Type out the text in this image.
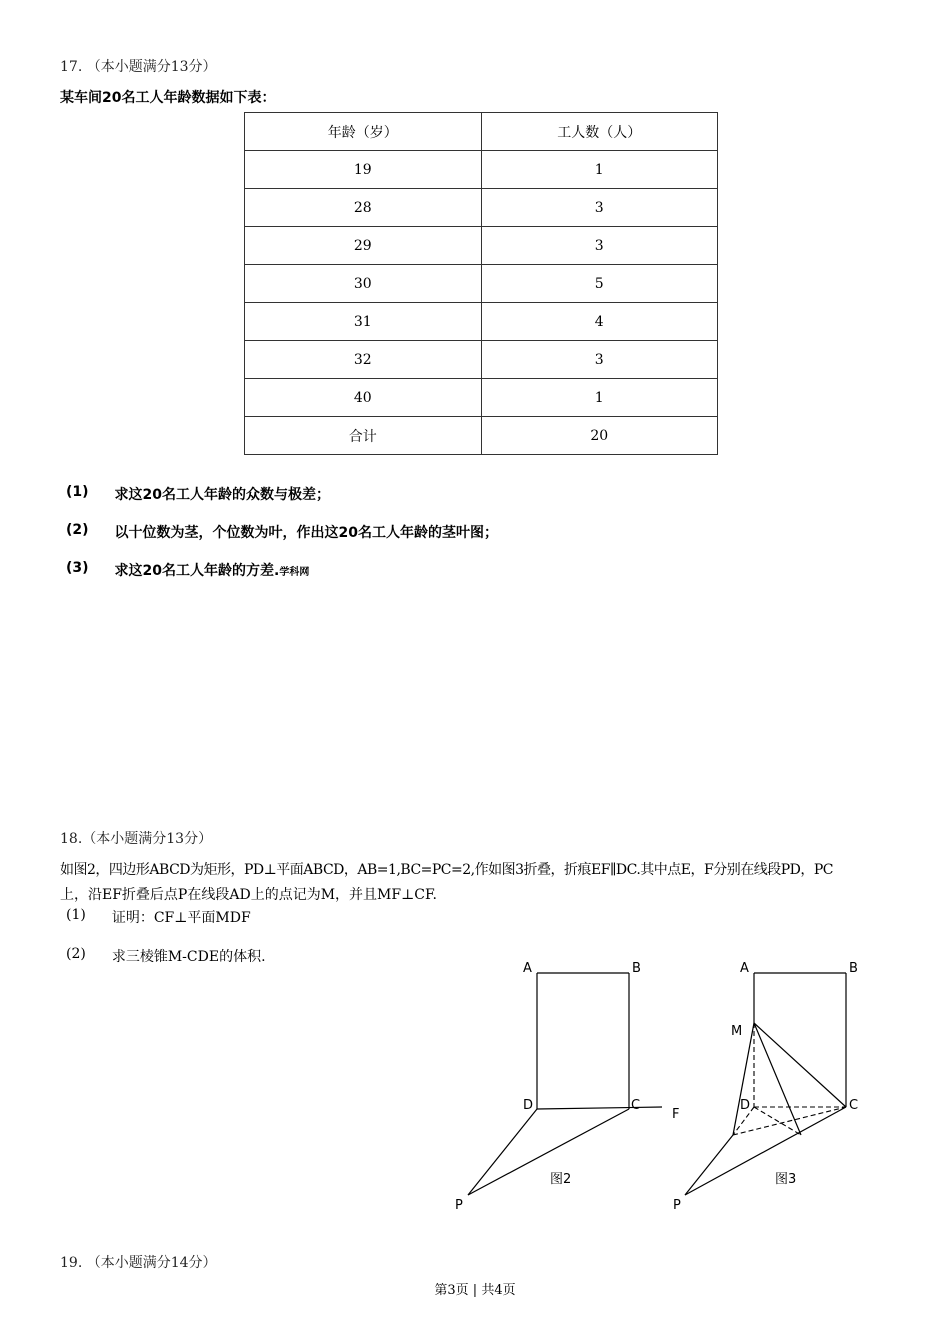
17. （本小题满分13分）
某车间20名工人年龄数据如下表：
年龄（岁）	工人数（人）
19	1
28	3
29	3
30	5
31	4
32	3
40	1
合计	20
(1) 求这20名工人年龄的众数与极差；
(2) 以十位数为茎，个位数为叶，作出这20名工人年龄的茎叶图；
(3) 求这20名工人年龄的方差.学科网
18.（本小题满分13分）
如图2，四边形ABCD为矩形，PD⊥平面ABCD，AB=1,BC=PC=2,作如图3折叠，折痕EF∥DC.其中点E，F分别在线段PD，PC
上，沿EF折叠后点P在线段AD上的点记为M，并且MF⊥CF.
(1) 证明：CF⊥平面MDF
(2) 求三棱锥M-CDE的体积.
A	B
D	C
F
P
图2
A	B
M
D	C
P
图3
19. （本小题满分14分）
第3页 | 共4页
